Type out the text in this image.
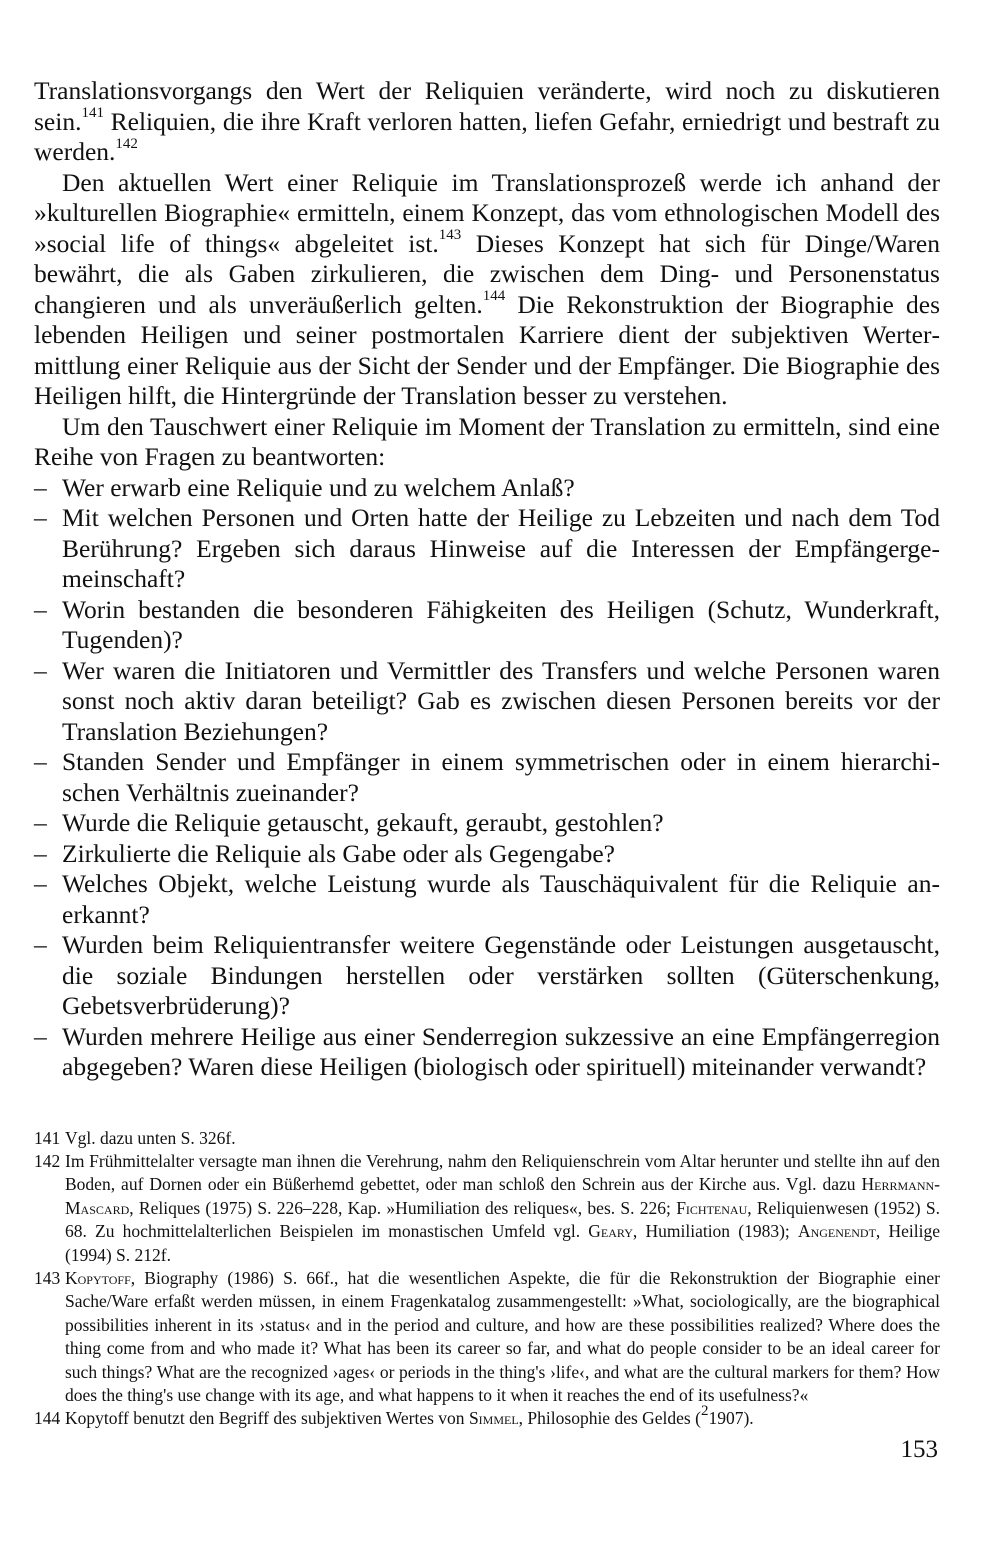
Translationsvorgangs den Wert der Reliquien veränderte, wird noch zu diskutieren sein.$^{141}$ Reliquien, die ihre Kraft verloren hatten, liefen Gefahr, erniedrigt und bestraft zu werden.$^{142}$

Den aktuellen Wert einer Reliquie im Translationsprozeß werde ich anhand der »kulturellen Biographie« ermitteln, einem Konzept, das vom ethnologischen Modell des »social life of things« abgeleitet ist.$^{143}$ Dieses Konzept hat sich für Dinge/Waren bewährt, die als Gaben zirkulieren, die zwischen dem Ding- und Personenstatus changieren und als unveräußerlich gelten.$^{144}$ Die Rekonstruktion der Biographie des lebenden Heiligen und seiner postmortalen Karriere dient der subjektiven Wertermittlung einer Reliquie aus der Sicht der Sender und der Empfänger. Die Biographie des Heiligen hilft, die Hintergründe der Translation besser zu verstehen.

Um den Tauschwert einer Reliquie im Moment der Translation zu ermitteln, sind eine Reihe von Fragen zu beantworten:

– Wer erwarb eine Reliquie und zu welchem Anlaß?
– Mit welchen Personen und Orten hatte der Heilige zu Lebzeiten und nach dem Tod Berührung? Ergeben sich daraus Hinweise auf die Interessen der Empfängergemeinschaft?
– Worin bestanden die besonderen Fähigkeiten des Heiligen (Schutz, Wunderkraft, Tugenden)?
– Wer waren die Initiatoren und Vermittler des Transfers und welche Personen waren sonst noch aktiv daran beteiligt? Gab es zwischen diesen Personen bereits vor der Translation Beziehungen?
– Standen Sender und Empfänger in einem symmetrischen oder in einem hierarchischen Verhältnis zueinander?
– Wurde die Reliquie getauscht, gekauft, geraubt, gestohlen?
– Zirkulierte die Reliquie als Gabe oder als Gegengabe?
– Welches Objekt, welche Leistung wurde als Tauschäquivalent für die Reliquie anerkannt?
– Wurden beim Reliquientransfer weitere Gegenstände oder Leistungen ausgetauscht, die soziale Bindungen herstellen oder verstärken sollten (Güterschenkung, Gebetsverbrüderung)?
– Wurden mehrere Heilige aus einer Senderregion sukzessive an eine Empfängerregion abgegeben? Waren diese Heiligen (biologisch oder spirituell) miteinander verwandt?
141 Vgl. dazu unten S. 326f.
142 Im Frühmittelalter versagte man ihnen die Verehrung, nahm den Reliquienschrein vom Altar herunter und stellte ihn auf den Boden, auf Dornen oder ein Büßerhemd gebettet, oder man schloß den Schrein aus der Kirche aus. Vgl. dazu Herrmann-Mascard, Reliques (1975) S. 226–228, Kap. »Humiliation des reliques«, bes. S. 226; Fichtenau, Reliquienwesen (1952) S. 68. Zu hochmittelalterlichen Beispielen im monastischen Umfeld vgl. Geary, Humiliation (1983); Angenendt, Heilige (1994) S. 212f.
143 Kopytoff, Biography (1986) S. 66f., hat die wesentlichen Aspekte, die für die Rekonstruktion der Biographie einer Sache/Ware erfaßt werden müssen, in einem Fragenkatalog zusammengestellt: »What, sociologically, are the biographical possibilities inherent in its ›status‹ and in the period and culture, and how are these possibilities realized? Where does the thing come from and who made it? What has been its career so far, and what do people consider to be an ideal career for such things? What are the recognized ›ages‹ or periods in the thing's ›life‹, and what are the cultural markers for them? How does the thing's use change with its age, and what happens to it when it reaches the end of its usefulness?«
144 Kopytoff benutzt den Begriff des subjektiven Wertes von Simmel, Philosophie des Geldes ($^2$1907).
153
